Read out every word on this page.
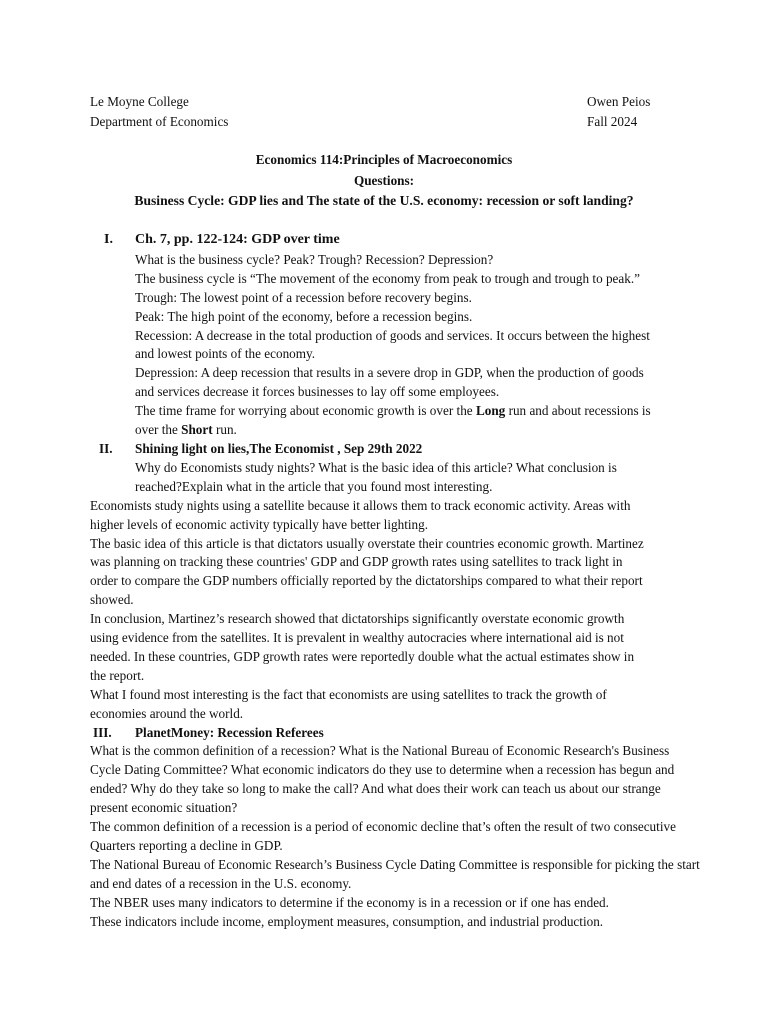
Le Moyne College
Department of Economics
Owen Peios
Fall 2024
Economics 114:Principles of Macroeconomics
Questions:
Business Cycle: GDP lies and The state of the U.S. economy: recession or soft landing?
I.	Ch. 7, pp. 122-124: GDP over time
What is the business cycle? Peak? Trough? Recession? Depression?
The business cycle is “The movement of the economy from peak to trough and trough to peak.”
Trough: The lowest point of a recession before recovery begins.
Peak: The high point of the economy, before a recession begins.
Recession: A decrease in the total production of goods and services. It occurs between the highest
and lowest points of the economy.
Depression: A deep recession that results in a severe drop in GDP, when the production of goods
and services decrease it forces businesses to lay off some employees.
The time frame for worrying about economic growth is over the Long run and about recessions is
over the Short run.
II.	Shining light on lies,The Economist , Sep 29th 2022
Why do Economists study nights? What is the basic idea of this article? What conclusion is
reached?Explain what in the article that you found most interesting.
Economists study nights using a satellite because it allows them to track economic activity. Areas with
higher levels of economic activity typically have better lighting.
The basic idea of this article is that dictators usually overstate their countries economic growth. Martinez
was planning on tracking these countries' GDP and GDP growth rates using satellites to track light in
order to compare the GDP numbers officially reported by the dictatorships compared to what their report
showed.
In conclusion, Martinez’s research showed that dictatorships significantly overstate economic growth
using evidence from the satellites. It is prevalent in wealthy autocracies where international aid is not
needed. In these countries, GDP growth rates were reportedly double what the actual estimates show in
the report.
What I found most interesting is the fact that economists are using satellites to track the growth of
economies around the world.
III.	PlanetMoney: Recession Referees
What is the common definition of a recession? What is the National Bureau of Economic Research's Business
Cycle Dating Committee? What economic indicators do they use to determine when a recession has begun and
ended? Why do they take so long to make the call? And what does their work can teach us about our strange
present economic situation?
The common definition of a recession is a period of economic decline that’s often the result of two consecutive
Quarters reporting a decline in GDP.
The National Bureau of Economic Research’s Business Cycle Dating Committee is responsible for picking the start
and end dates of a recession in the U.S. economy.
The NBER uses many indicators to determine if the economy is in a recession or if one has ended.
These indicators include income, employment measures, consumption, and industrial production.
